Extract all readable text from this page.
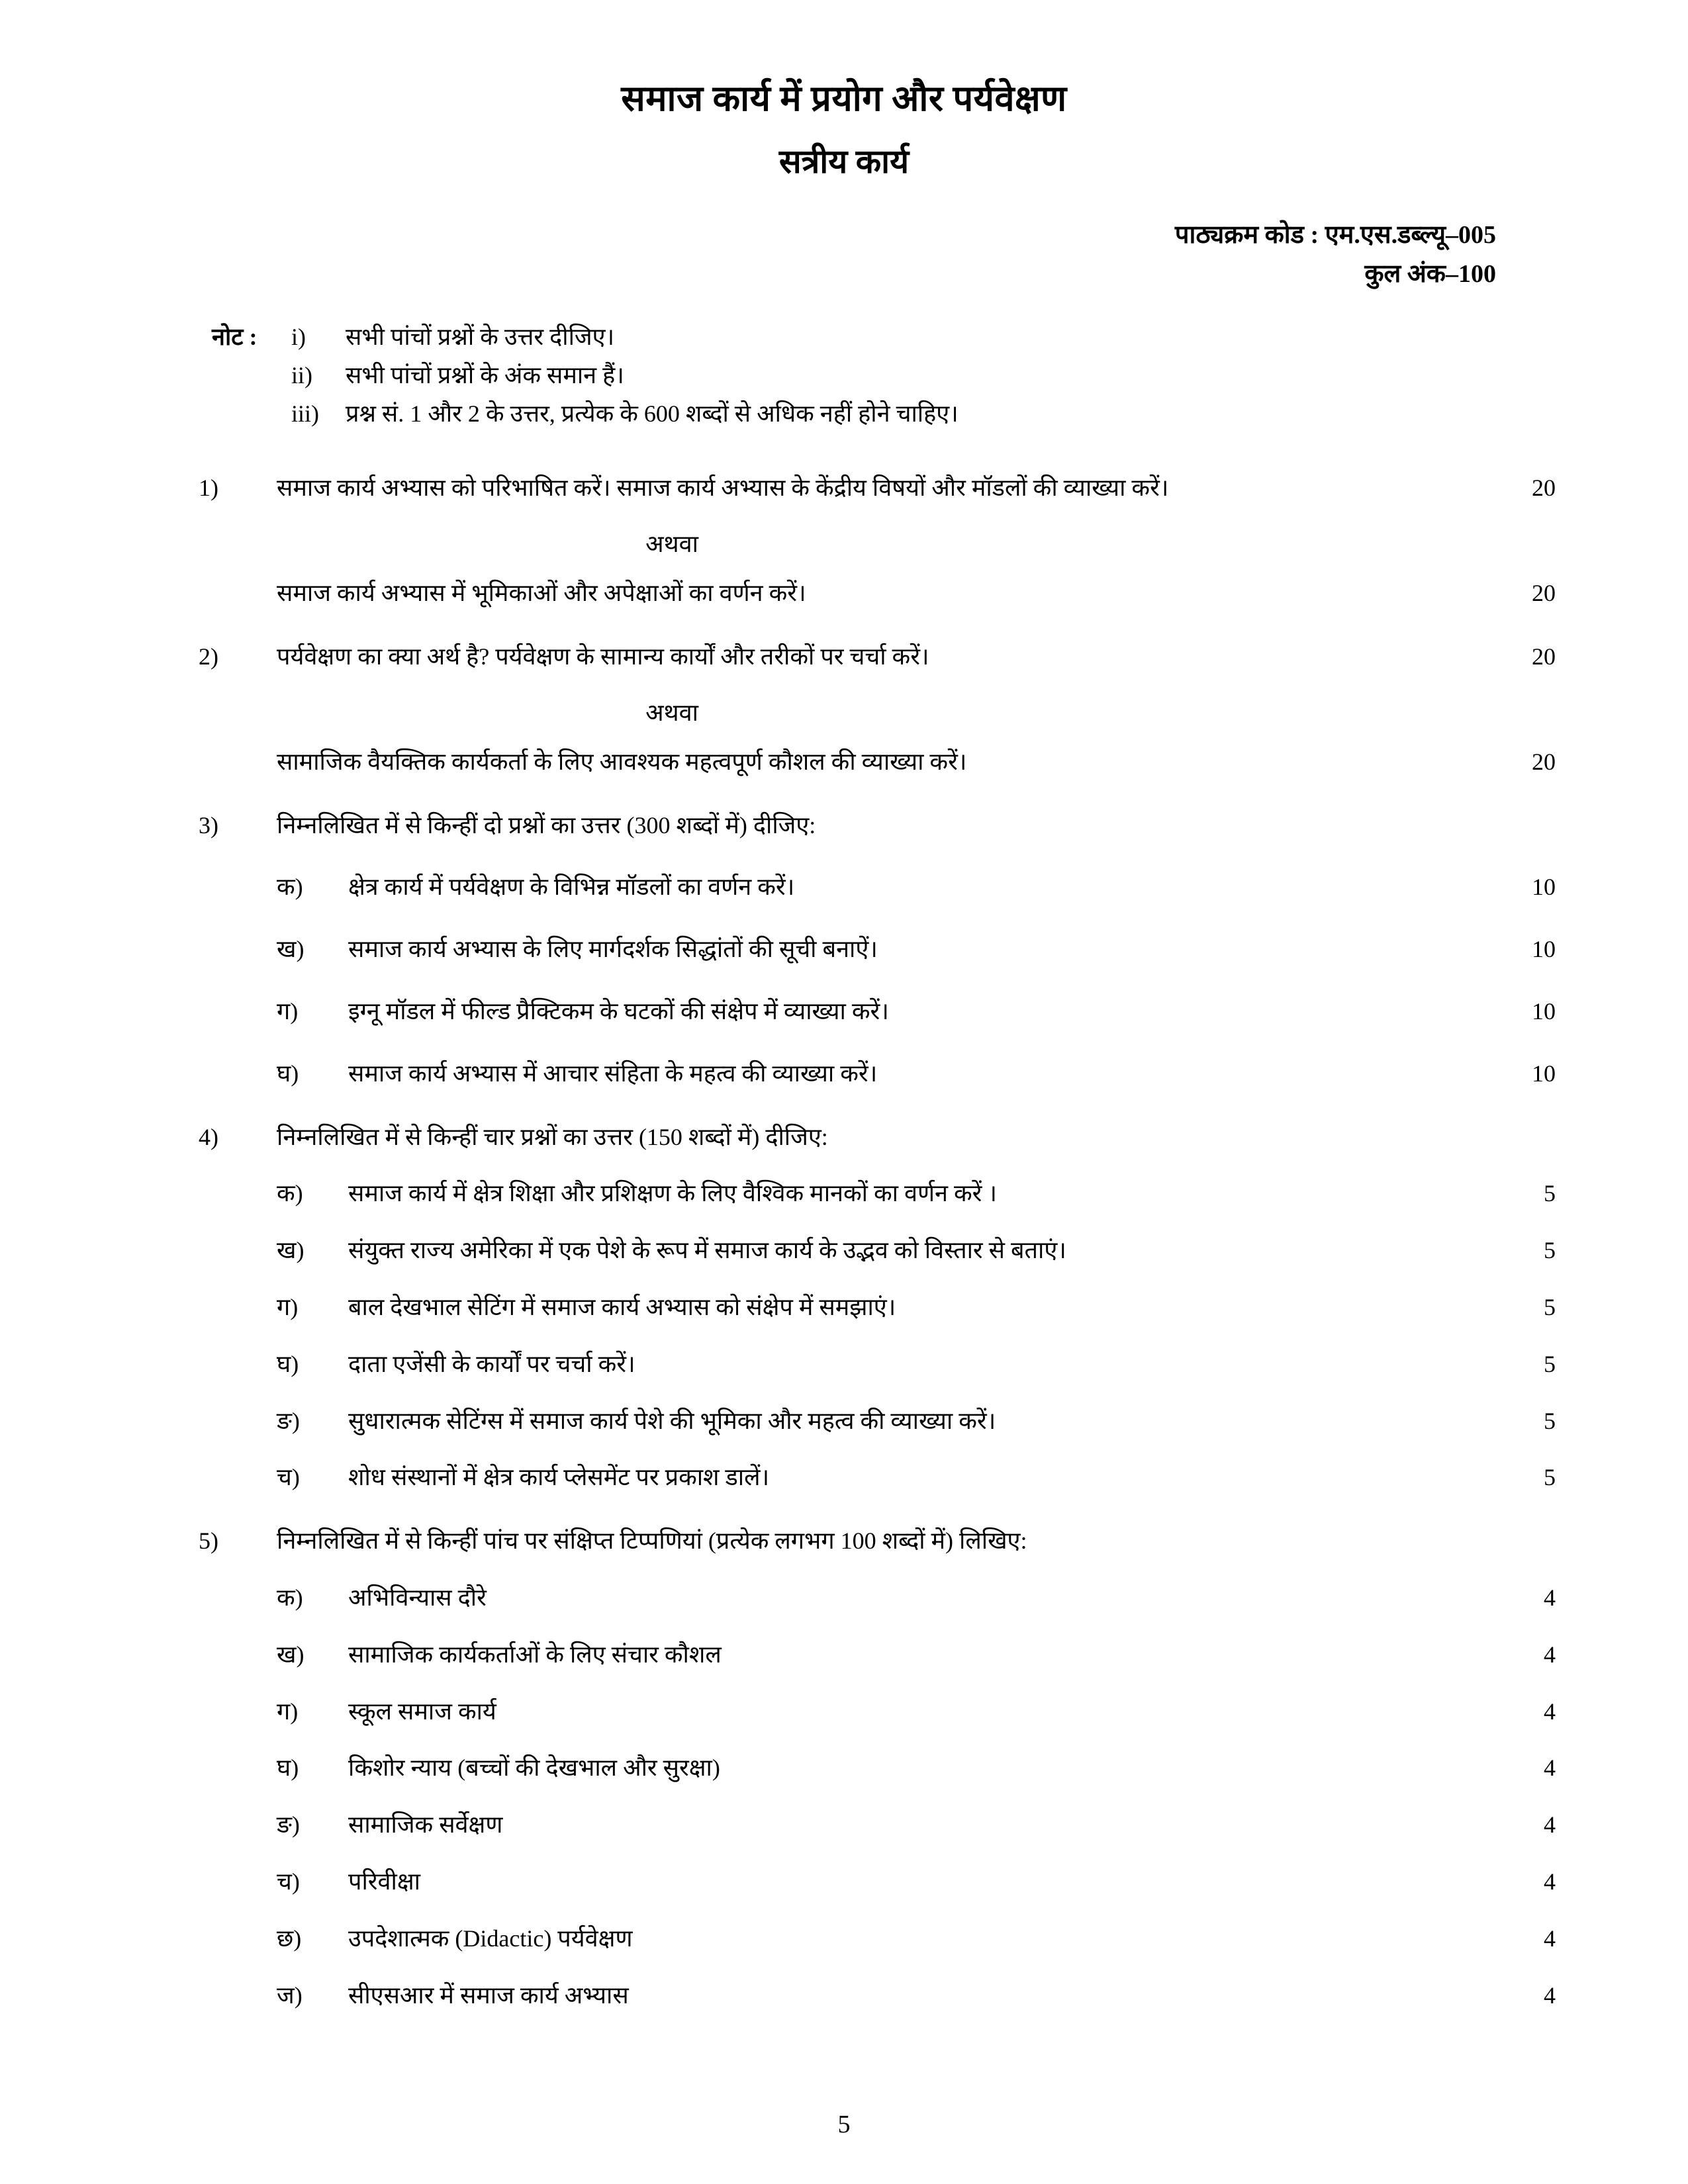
समाज कार्य में प्रयोग और पर्यवेक्षण
सत्रीय कार्य
पाठ्यक्रम कोड : एम.एस.डब्ल्यू–005
कुल अंक–100
नोट :	i)	सभी पांचों प्रश्नों के उत्तर दीजिए।
ii)	सभी पांचों प्रश्नों के अंक समान हैं।
iii)	प्रश्न सं. 1 और 2 के उत्तर, प्रत्येक के 600 शब्दों से अधिक नहीं होने चाहिए।
1)	समाज कार्य अभ्यास को परिभाषित करें। समाज कार्य अभ्यास के केंद्रीय विषयों और मॉडलों की व्याख्या करें।	20
अथवा
समाज कार्य अभ्यास में भूमिकाओं और अपेक्षाओं का वर्णन करें।	20
2)	पर्यवेक्षण का क्या अर्थ है? पर्यवेक्षण के सामान्य कार्यों और तरीकों पर चर्चा करें।	20
अथवा
सामाजिक वैयक्तिक कार्यकर्ता के लिए आवश्यक महत्वपूर्ण कौशल की व्याख्या करें।	20
3)	निम्नलिखित में से किन्हीं दो प्रश्नों का उत्तर (300 शब्दों में) दीजिए:
क)	क्षेत्र कार्य में पर्यवेक्षण के विभिन्न मॉडलों का वर्णन करें।	10
ख)	समाज कार्य अभ्यास के लिए मार्गदर्शक सिद्धांतों की सूची बनाऐं।	10
ग)	इग्नू मॉडल में फील्ड प्रैक्टिकम के घटकों की संक्षेप में व्याख्या करें।	10
घ)	समाज कार्य अभ्यास में आचार संहिता के महत्व की व्याख्या करें।	10
4)	निम्नलिखित में से किन्हीं चार प्रश्नों का उत्तर (150 शब्दों में) दीजिए:
क)	समाज कार्य में क्षेत्र शिक्षा और प्रशिक्षण के लिए वैश्विक मानकों का वर्णन करें ।	5
ख)	संयुक्त राज्य अमेरिका में एक पेशे के रूप में समाज कार्य के उद्भव को विस्तार से बताएं।	5
ग)	बाल देखभाल सेटिंग में समाज कार्य अभ्यास को संक्षेप में समझाएं।	5
घ)	दाता एजेंसी के कार्यों पर चर्चा करें।	5
ङ)	सुधारात्मक सेटिंग्स में समाज कार्य पेशे की भूमिका और महत्व की व्याख्या करें।	5
च)	शोध संस्थानों में क्षेत्र कार्य प्लेसमेंट पर प्रकाश डालें।	5
5)	निम्नलिखित में से किन्हीं पांच पर संक्षिप्त टिप्पणियां (प्रत्येक लगभग 100 शब्दों में) लिखिए:
क)	अभिविन्यास दौरे	4
ख)	सामाजिक कार्यकर्ताओं के लिए संचार कौशल	4
ग)	स्कूल समाज कार्य	4
घ)	किशोर न्याय (बच्चों की देखभाल और सुरक्षा)	4
ङ)	सामाजिक सर्वेक्षण	4
च)	परिवीक्षा	4
छ)	उपदेशात्मक (Didactic) पर्यवेक्षण	4
ज)	सीएसआर में समाज कार्य अभ्यास	4
5
